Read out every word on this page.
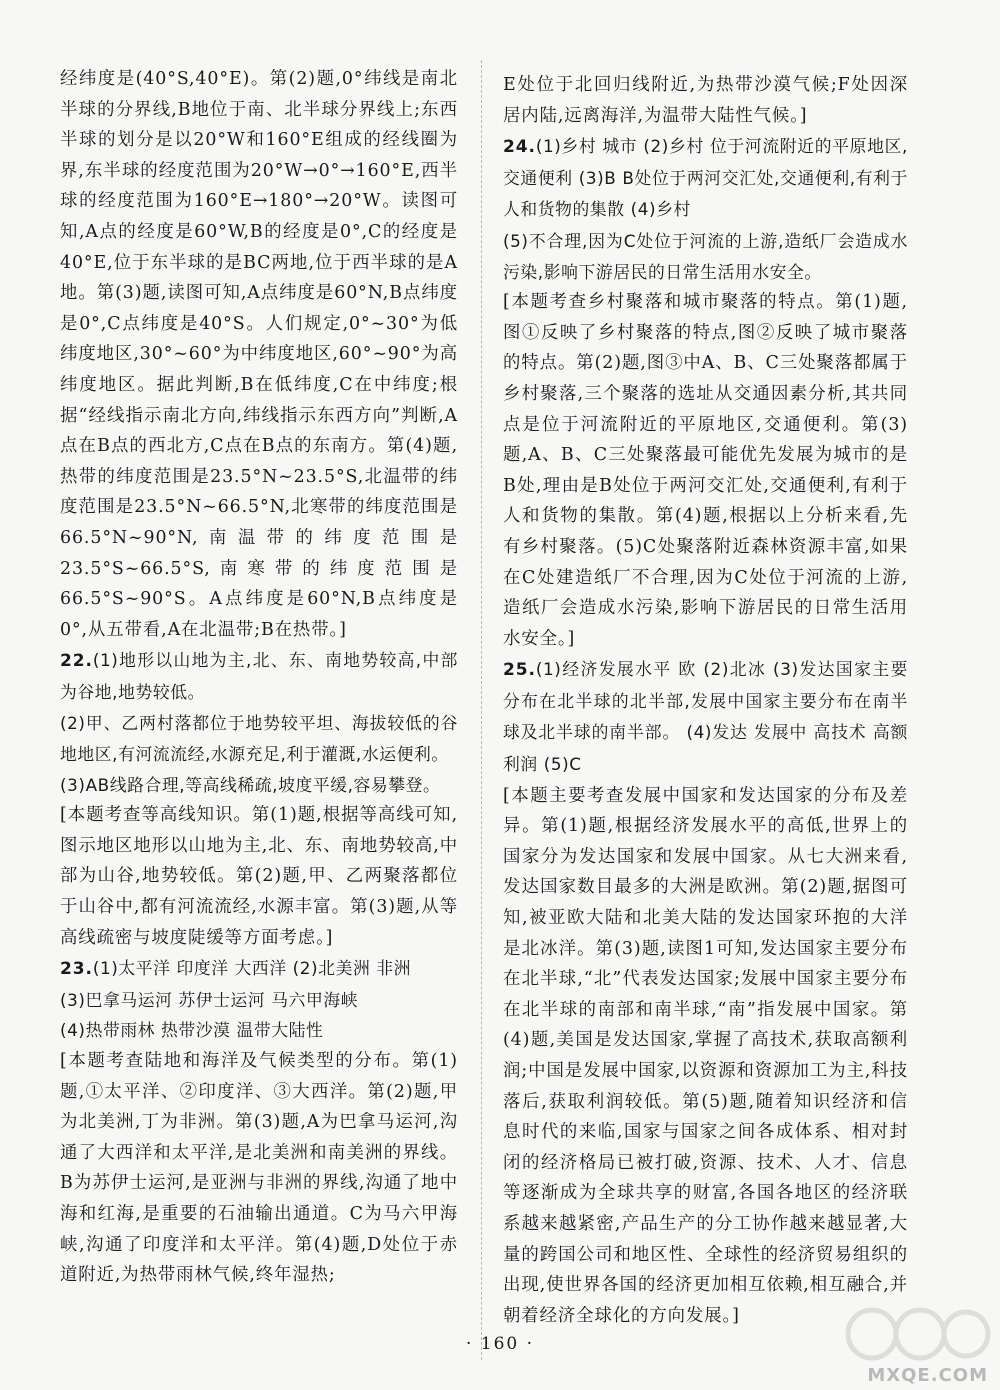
经纬度是(40°S,40°E)。第(2)题,0°纬线是南北半球的分界线,B地位于南、北半球分界线上;东西半球的划分是以20°W和160°E组成的经线圈为界,东半球的经度范围为20°W→0°→160°E,西半球的经度范围为160°E→180°→20°W。读图可知,A点的经度是60°W,B的经度是0°,C的经度是40°E,位于东半球的是BC两地,位于西半球的是A地。第(3)题,读图可知,A点纬度是60°N,B点纬度是0°,C点纬度是40°S。人们规定,0°~30°为低纬度地区,30°~60°为中纬度地区,60°~90°为高纬度地区。据此判断,B在低纬度,C在中纬度;根据“经线指示南北方向,纬线指示东西方向”判断,A点在B点的西北方,C点在B点的东南方。第(4)题,热带的纬度范围是23.5°N~23.5°S,北温带的纬度范围是23.5°N~66.5°N,北寒带的纬度范围是66.5°N~90°N,南温带的纬度范围是23.5°S~66.5°S,南寒带的纬度范围是66.5°S~90°S。A点纬度是60°N,B点纬度是0°,从五带看,A在北温带;B在热带。]

22.(1)地形以山地为主,北、东、南地势较高,中部为谷地,地势较低。

(2)甲、乙两村落都位于地势较平坦、海拔较低的谷地地区,有河流流经,水源充足,利于灌溉,水运便利。

(3)AB线路合理,等高线稀疏,坡度平缓,容易攀登。

[本题考查等高线知识。第(1)题,根据等高线可知,图示地区地形以山地为主,北、东、南地势较高,中部为山谷,地势较低。第(2)题,甲、乙两聚落都位于山谷中,都有河流流经,水源丰富。第(3)题,从等高线疏密与坡度陡缓等方面考虑。]

23.(1)太平洋 印度洋 大西洋 (2)北美洲 非洲

(3)巴拿马运河 苏伊士运河 马六甲海峡

(4)热带雨林 热带沙漠 温带大陆性

[本题考查陆地和海洋及气候类型的分布。第(1)题,①太平洋、②印度洋、③大西洋。第(2)题,甲为北美洲,丁为非洲。第(3)题,A为巴拿马运河,沟通了大西洋和太平洋,是北美洲和南美洲的界线。B为苏伊士运河,是亚洲与非洲的界线,沟通了地中海和红海,是重要的石油输出通道。C为马六甲海峡,沟通了印度洋和太平洋。第(4)题,D处位于赤道附近,为热带雨林气候,终年湿热;

E处位于北回归线附近,为热带沙漠气候;F处因深居内陆,远离海洋,为温带大陆性气候。]

24.(1)乡村 城市 (2)乡村 位于河流附近的平原地区,交通便利 (3)B B处位于两河交汇处,交通便利,有利于人和货物的集散 (4)乡村

(5)不合理,因为C处位于河流的上游,造纸厂会造成水污染,影响下游居民的日常生活用水安全。

[本题考查乡村聚落和城市聚落的特点。第(1)题,图①反映了乡村聚落的特点,图②反映了城市聚落的特点。第(2)题,图③中A、B、C三处聚落都属于乡村聚落,三个聚落的选址从交通因素分析,其共同点是位于河流附近的平原地区,交通便利。第(3)题,A、B、C三处聚落最可能优先发展为城市的是B处,理由是B处位于两河交汇处,交通便利,有利于人和货物的集散。第(4)题,根据以上分析来看,先有乡村聚落。(5)C处聚落附近森林资源丰富,如果在C处建造纸厂不合理,因为C处位于河流的上游,造纸厂会造成水污染,影响下游居民的日常生活用水安全。]

25.(1)经济发展水平 欧 (2)北冰 (3)发达国家主要分布在北半球的北半部,发展中国家主要分布在南半球及北半球的南半部。 (4)发达 发展中 高技术 高额利润 (5)C

[本题主要考查发展中国家和发达国家的分布及差异。第(1)题,根据经济发展水平的高低,世界上的国家分为发达国家和发展中国家。从七大洲来看,发达国家数目最多的大洲是欧洲。第(2)题,据图可知,被亚欧大陆和北美大陆的发达国家环抱的大洋是北冰洋。第(3)题,读图1可知,发达国家主要分布在北半球,“北”代表发达国家;发展中国家主要分布在北半球的南部和南半球,“南”指发展中国家。第(4)题,美国是发达国家,掌握了高技术,获取高额利润;中国是发展中国家,以资源和资源加工为主,科技落后,获取利润较低。第(5)题,随着知识经济和信息时代的来临,国家与国家之间各成体系、相对封闭的经济格局已被打破,资源、技术、人才、信息等逐渐成为全球共享的财富,各国各地区的经济联系越来越紧密,产品生产的分工协作越来越显著,大量的跨国公司和地区性、全球性的经济贸易组织的出现,使世界各国的经济更加相互依赖,相互融合,并朝着经济全球化的方向发展。]

· 160 ·
MXQE.COM
